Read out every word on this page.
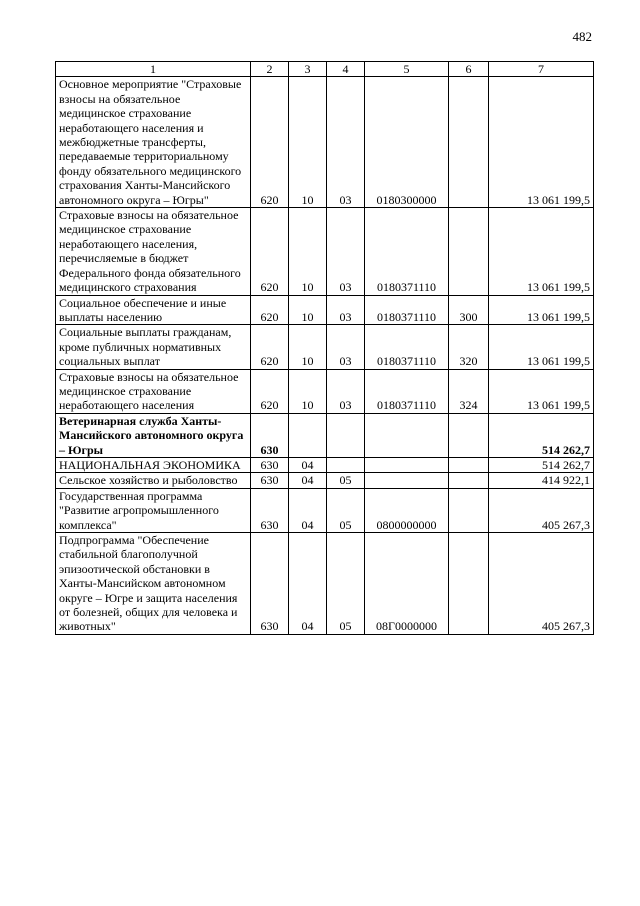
482
1	2	3	4	5	6	7
Основное мероприятие "Страховые взносы на обязательное медицинское страхование неработающего населения и межбюджетные трансферты, передаваемые территориальному фонду обязательного медицинского страхования Ханты-Мансийского автономного округа – Югры"	620	10	03	0180300000		13 061 199,5
Страховые взносы на обязательное медицинское страхование неработающего населения, перечисляемые в бюджет Федерального фонда обязательного медицинского страхования	620	10	03	0180371110		13 061 199,5
Социальное обеспечение и иные выплаты населению	620	10	03	0180371110	300	13 061 199,5
Социальные выплаты гражданам, кроме публичных нормативных социальных выплат	620	10	03	0180371110	320	13 061 199,5
Страховые взносы на обязательное медицинское страхование неработающего населения	620	10	03	0180371110	324	13 061 199,5
Ветеринарная служба Ханты-Мансийского автономного округа – Югры	630					514 262,7
НАЦИОНАЛЬНАЯ ЭКОНОМИКА	630	04				514 262,7
Сельское хозяйство и рыболовство	630	04	05			414 922,1
Государственная программа "Развитие агропромышленного комплекса"	630	04	05	0800000000		405 267,3
Подпрограмма "Обеспечение стабильной благополучной эпизоотической обстановки в Ханты-Мансийском автономном округе – Югре и защита населения от болезней, общих для человека и животных"	630	04	05	08Г0000000		405 267,3
